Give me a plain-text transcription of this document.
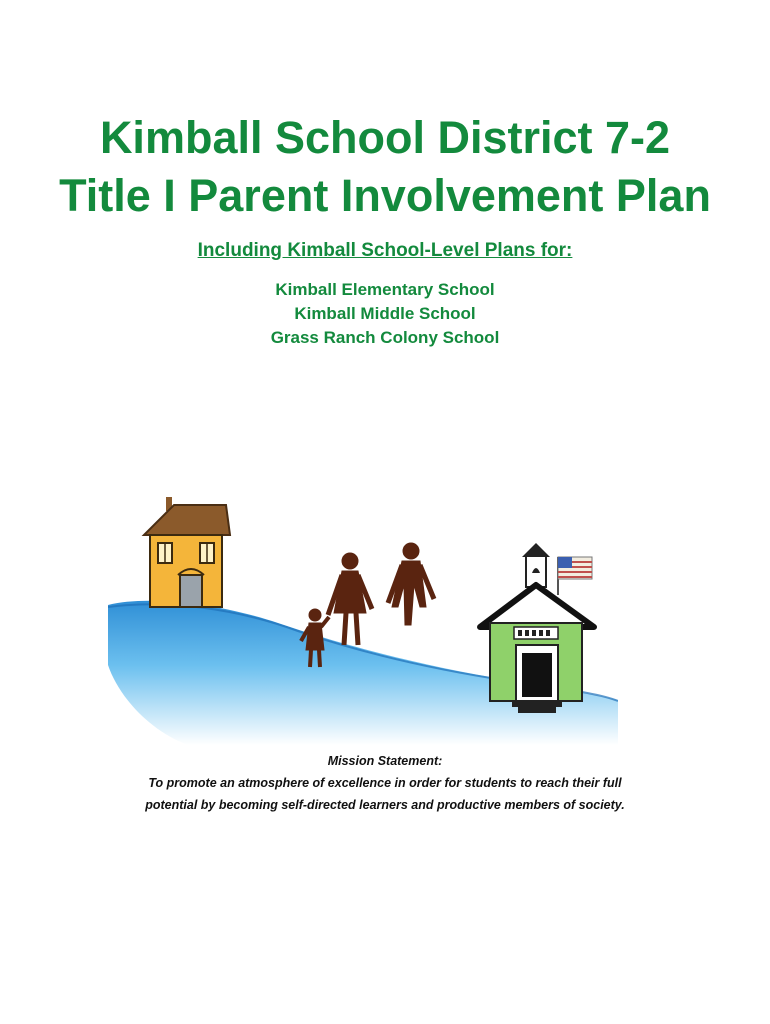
Kimball School District 7-2
Title I Parent Involvement Plan
Including Kimball School-Level Plans for:
Kimball Elementary School
Kimball Middle School
Grass Ranch Colony School
Mission Statement:
To promote an atmosphere of excellence in order for students to reach their full
potential by becoming self-directed learners and productive members of society.
